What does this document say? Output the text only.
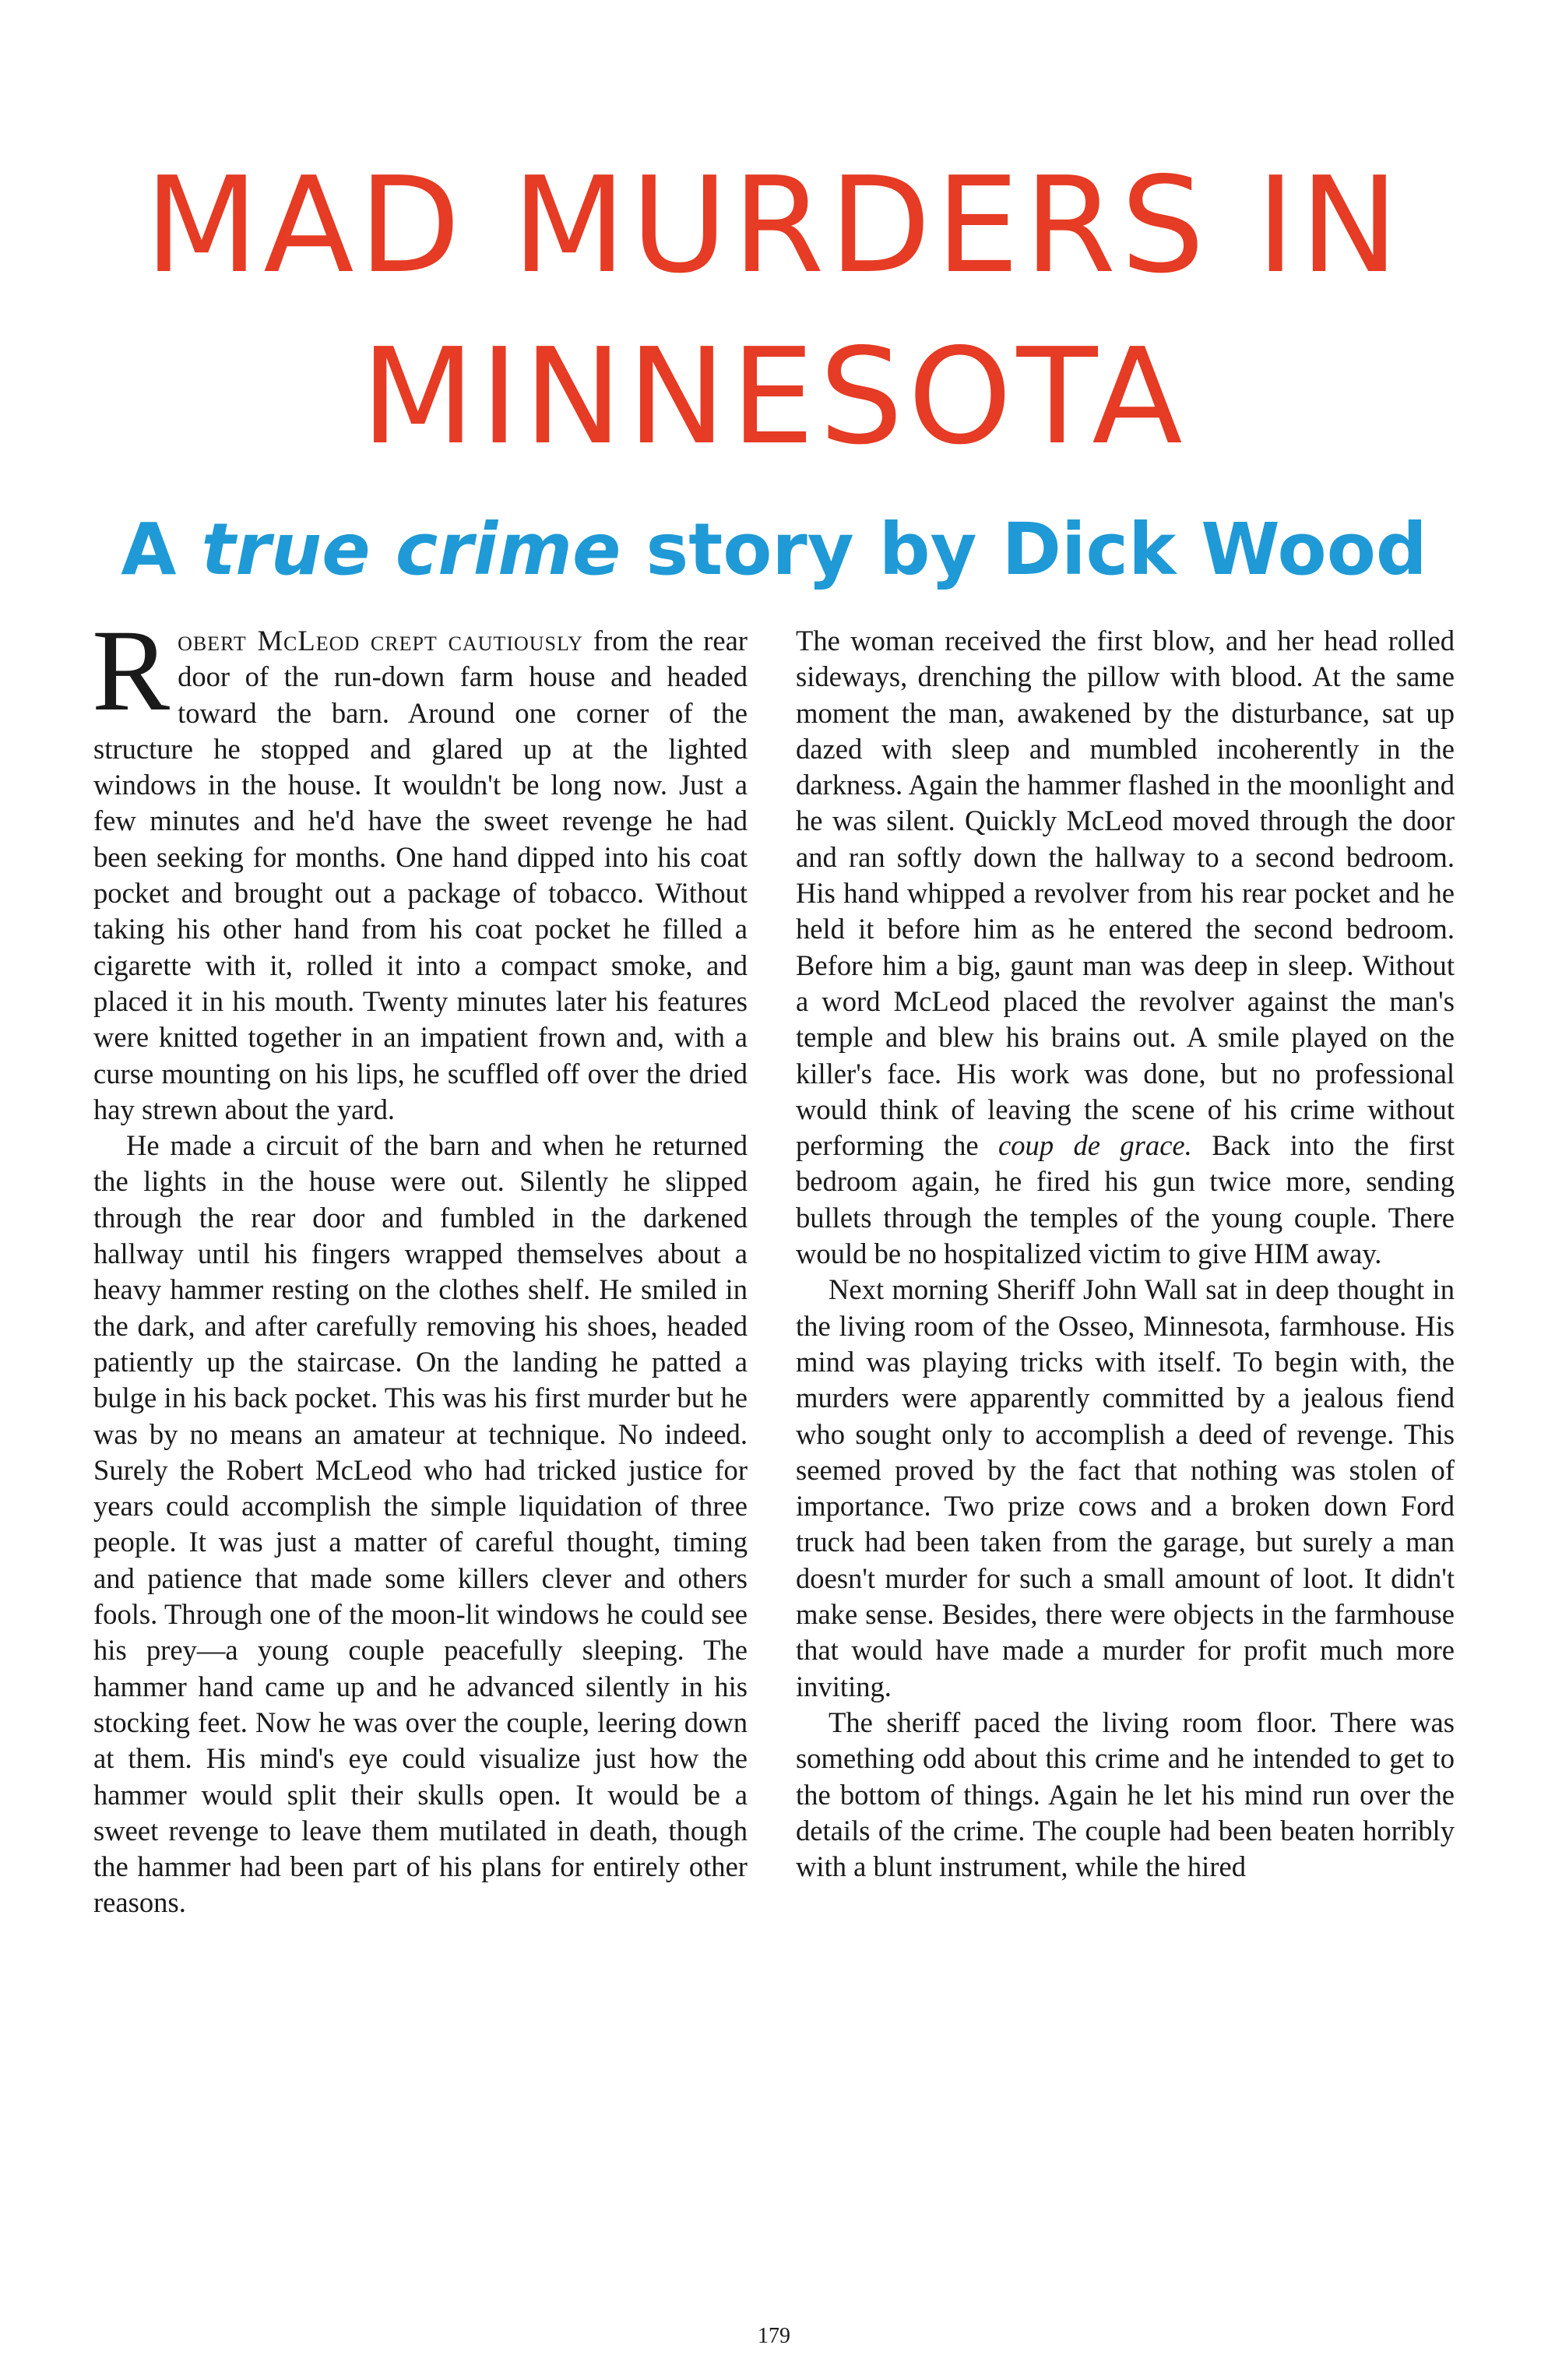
MAD MURDERS IN
MINNESOTA
A true crime story by Dick Wood

Robert McLeod crept cautiously from the rear door of the run-down farm house and headed toward the barn. Around one corner of the structure he stopped and glared up at the lighted windows in the house. It wouldn't be long now. Just a few minutes and he'd have the sweet revenge he had been seeking for months. One hand dipped into his coat pocket and brought out a package of tobacco. Without taking his other hand from his coat pocket he filled a cigarette with it, rolled it into a compact smoke, and placed it in his mouth. Twenty minutes later his features were knitted together in an impatient frown and, with a curse mounting on his lips, he scuffled off over the dried hay strewn about the yard.

He made a circuit of the barn and when he returned the lights in the house were out. Silently he slipped through the rear door and fumbled in the darkened hallway until his fingers wrapped themselves about a heavy hammer resting on the clothes shelf. He smiled in the dark, and after carefully removing his shoes, headed patiently up the staircase. On the landing he patted a bulge in his back pocket. This was his first murder but he was by no means an amateur at technique. No indeed. Surely the Robert McLeod who had tricked justice for years could accomplish the simple liquidation of three people. It was just a matter of careful thought, timing and patience that made some killers clever and others fools. Through one of the moon-lit windows he could see his prey—a young couple peacefully sleeping. The hammer hand came up and he advanced silently in his stocking feet. Now he was over the couple, leering down at them. His mind's eye could visualize just how the hammer would split their skulls open. It would be a sweet revenge to leave them mutilated in death, though the hammer had been part of his plans for entirely other reasons.

The woman received the first blow, and her head rolled sideways, drenching the pillow with blood. At the same moment the man, awakened by the disturbance, sat up dazed with sleep and mumbled incoherently in the darkness. Again the hammer flashed in the moonlight and he was silent. Quickly McLeod moved through the door and ran softly down the hallway to a second bedroom. His hand whipped a revolver from his rear pocket and he held it before him as he entered the second bedroom. Before him a big, gaunt man was deep in sleep. Without a word McLeod placed the revolver against the man's temple and blew his brains out. A smile played on the killer's face. His work was done, but no professional would think of leaving the scene of his crime without performing the coup de grace. Back into the first bedroom again, he fired his gun twice more, sending bullets through the temples of the young couple. There would be no hospitalized victim to give HIM away.

Next morning Sheriff John Wall sat in deep thought in the living room of the Osseo, Minnesota, farmhouse. His mind was playing tricks with itself. To begin with, the murders were apparently committed by a jealous fiend who sought only to accomplish a deed of revenge. This seemed proved by the fact that nothing was stolen of importance. Two prize cows and a broken down Ford truck had been taken from the garage, but surely a man doesn't murder for such a small amount of loot. It didn't make sense. Besides, there were objects in the farmhouse that would have made a murder for profit much more inviting.

The sheriff paced the living room floor. There was something odd about this crime and he intended to get to the bottom of things. Again he let his mind run over the details of the crime. The couple had been beaten horribly with a blunt instrument, while the hired

179
